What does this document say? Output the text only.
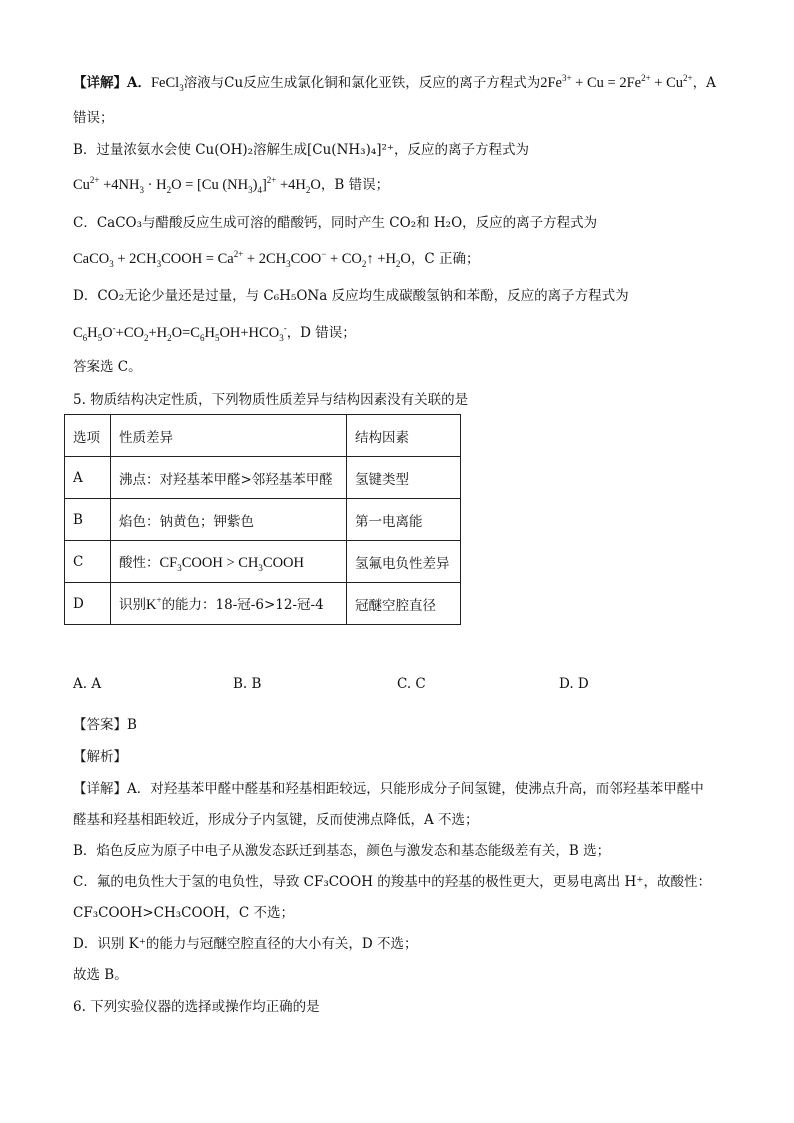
【详解】A．FeCl$_3$溶液与Cu反应生成氯化铜和氯化亚铁，反应的离子方程式为$2Fe^{3+} + Cu = 2Fe^{2+} + Cu^{2+}$，A
错误；
B．过量浓氨水会使 Cu(OH)₂溶解生成[Cu(NH₃)₄]²⁺，反应的离子方程式为
$Cu^{2+} +4NH_3 \cdot H_2O = [Cu$ $(NH_3)_4]^{2+} +4H_2O$，B 错误；
C．CaCO₃与醋酸反应生成可溶的醋酸钙，同时产生 CO₂和 H₂O，反应的离子方程式为
CaCO$_3$ + $2CH_3COOH = Ca^{2+} + 2CH_3COO^-$ + $CO_2↑ +H_2O$，C 正确；
D．CO₂无论少量还是过量，与 C₆H₅ONa 反应均生成碳酸氢钠和苯酚，反应的离子方程式为
$C_6H_5O^-+CO_2+H_2O=C_6H_5OH+HCO_3^-$，D 错误；
答案选 C。
5. 物质结构决定性质，下列物质性质差异与结构因素没有关联的是
选项	性质差异	结构因素
A	沸点：对羟基苯甲醛>邻羟基苯甲醛	氢键类型
B	焰色：钠黄色；钾紫色	第一电离能
C	酸性：$CF_3COOH$ > $CH_3COOH$	氢氟电负性差异
D	识别K+的能力：18-冠-6>12-冠-4	冠醚空腔直径
A. A	B. B	C. C	D. D
【答案】B
【解析】
【详解】A．对羟基苯甲醛中醛基和羟基相距较远，只能形成分子间氢键，使沸点升高，而邻羟基苯甲醛中
醛基和羟基相距较近，形成分子内氢键，反而使沸点降低，A 不选；
B．焰色反应为原子中电子从激发态跃迁到基态，颜色与激发态和基态能级差有关，B 选；
C．氟的电负性大于氢的电负性，导致 CF₃COOH 的羧基中的羟基的极性更大，更易电离出 H⁺，故酸性：
CF₃COOH>CH₃COOH，C 不选；
D．识别 K⁺的能力与冠醚空腔直径的大小有关，D 不选；
故选 B。
6. 下列实验仪器的选择或操作均正确的是
